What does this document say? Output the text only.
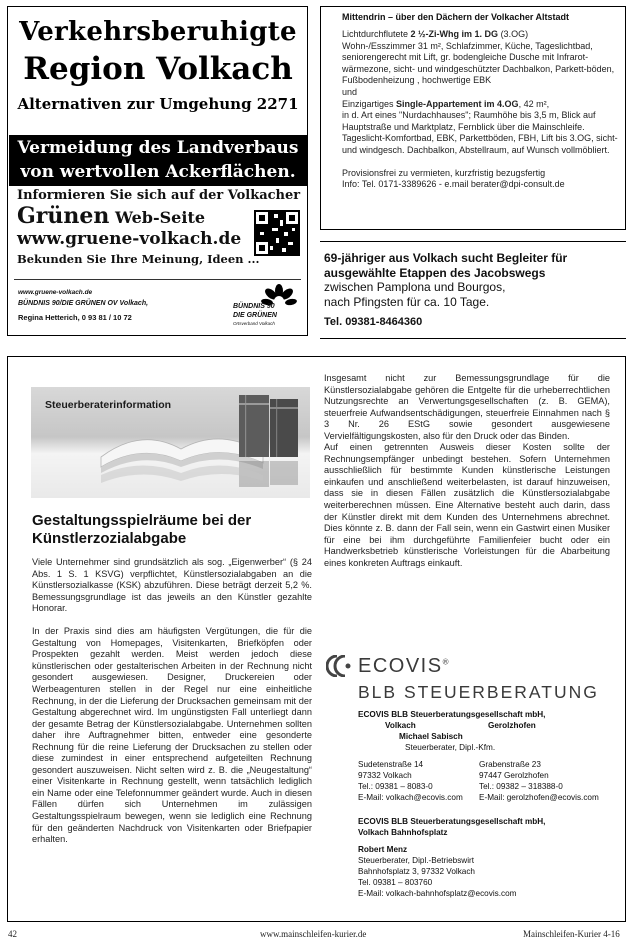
Verkehrsberuhigte
Region Volkach
Alternativen zur Umgehung 2271
Vermeidung des Landverbaus
von wertvollen Ackerflächen.
Informieren Sie sich auf der Volkacher
Grünen Web-Seite
www.gruene-volkach.de
Bekunden Sie Ihre Meinung, Ideen ...
www.gruene-volkach.de
BÜNDNIS 90/DIE GRÜNEN OV Volkach,
Regina Hetterich, 0 93 81 / 10 72
BÜNDNIS 90
DIE GRÜNEN
Ortsverband Volkach
Mittendrin – über den Dächern der Volkacher Altstadt
Lichtdurchflutete 2 ½-Zi-Whg im 1. DG (3.OG)
Wohn-/Esszimmer 31 m², Schlafzimmer, Küche, Tageslichtbad, seniorengerecht mit Lift, gr. bodengleiche Dusche mit Infrarot-wärmezone, sicht- und windgeschützter Dachbalkon, Parkett-böden, Fußbodenheizung , hochwertige EBK
und
Einzigartiges Single-Appartement im 4.OG, 42 m²,
in d. Art eines "Nurdachhauses"; Raumhöhe bis 3,5 m, Blick auf Hauptstraße und Marktplatz, Fernblick über die Mainschleife. Tageslicht-Komfortbad, EBK, Parkettböden, FBH, Lift bis 3.OG, sicht- und windgesch. Dachbalkon, Abstellraum, auf Wunsch vollmöbliert.
Provisionsfrei zu vermieten, kurzfristig bezugsfertig
Info: Tel. 0171-3389626 - e.mail berater@dpi-consult.de
69-jähriger aus Volkach sucht Begleiter für
ausgewählte Etappen des Jacobswegs
zwischen Pamplona und Bourgos,
nach Pfingsten für ca. 10 Tage.
Tel. 09381-8464360
Steuerberaterinformation
Gestaltungsspielräume bei der Künstlerzozialabgabe

Viele Unternehmer sind grundsätzlich als sog. „Eigenwerber“ (§ 24 Abs. 1 S. 1 KSVG) verpflichtet, Künstlersozialabgaben an die Künstlersozialkasse (KSK) abzuführen. Diese beträgt derzeit 5,2 %. Bemessungsgrundlage ist das jeweils an den Künstler gezahlte Honorar.

In der Praxis sind dies am häufigsten Vergütungen, die für die Gestaltung von Homepages, Visitenkarten, Briefköpfen oder Prospekten gezahlt werden. Meist werden jedoch diese künstlerischen oder gestalterischen Arbeiten in der Rechnung nicht gesondert ausgewiesen. Designer, Druckereien oder Werbeagenturen stellen in der Regel nur eine einheitliche Rechnung, in der die Lieferung der Drucksachen gemeinsam mit der Gestaltung abgerechnet wird. Im ungünstigsten Fall unterliegt dann der gesamte Betrag der Künstlersozialabgabe. Unternehmen sollten daher ihre Auftragnehmer bitten, entweder eine gesonderte Rechnung für die reine Lieferung der Drucksachen zu stellen oder diese zumindest in einer entsprechend aufgeteilten Rechnung gesondert auszuweisen. Nicht selten wird z. B. die „Neugestaltung“ einer Visitenkarte in Rechnung gestellt, wenn tatsächlich lediglich ein Name oder eine Telefonnummer geändert wurde. Auch in diesen Fällen dürfen sich Unternehmen im zulässigen Gestaltungsspielraum bewegen, wenn sie lediglich eine Rechnung für den geänderten Nachdruck von Visitenkarten oder Briefpapier erhalten.

Insgesamt nicht zur Bemessungsgrundlage für die Künstlersozialabgabe gehören die Entgelte für die urheberrechtlichen Nutzungsrechte an Verwertungsgesellschaften (z. B. GEMA), steuerfreie Aufwandsentschädigungen, steuerfreie Einnahmen nach § 3 Nr. 26 EStG sowie gesondert ausgewiesene Vervielfältigungskosten, also für den Druck oder das Binden.

Auf einen getrennten Ausweis dieser Kosten sollte der Rechnungsempfänger unbedingt bestehen. Sofern Unternehmen ausschließlich für bestimmte Kunden künstlerische Leistungen einkaufen und anschließend weiterbelasten, ist darauf hinzuweisen, dass sie in diesen Fällen zusätzlich die Künstlersozialabgabe weiterberechnen müssen. Eine Alternative besteht auch darin, dass der Künstler direkt mit dem Kunden des Unternehmens abrechnet. Dies könnte z. B. dann der Fall sein, wenn ein Gastwirt einen Musiker für eine bei ihm durchgeführte Familienfeier bucht oder ein Handwerksbetrieb künstlerische Vorleistungen für die Abarbeitung eines konkreten Auftrags einkauft.

ECOVIS®
BLB STEUERBERATUNG
ECOVIS BLB Steuerberatungsgesellschaft mbH,
Volkach	Gerolzhofen
Michael Sabisch
Steuerberater, Dipl.-Kfm.
Sudetenstraße 14
97332 Volkach
Tel.: 09381 – 8083-0
E-Mail: volkach@ecovis.com
Grabenstraße 23
97447 Gerolzhofen
Tel.: 09382 – 318388-0
E-Mail: gerolzhofen@ecovis.com
ECOVIS BLB Steuerberatungsgesellschaft mbH,
Volkach Bahnhofsplatz
Robert Menz
Steuerberater, Dipl.-Betriebswirt
Bahnhofsplatz 3, 97332 Volkach
Tel. 09381 – 803760
E-Mail: volkach-bahnhofsplatz@ecovis.com
42	www.mainschleifen-kurier.de	Mainschleifen-Kurier 4-16
